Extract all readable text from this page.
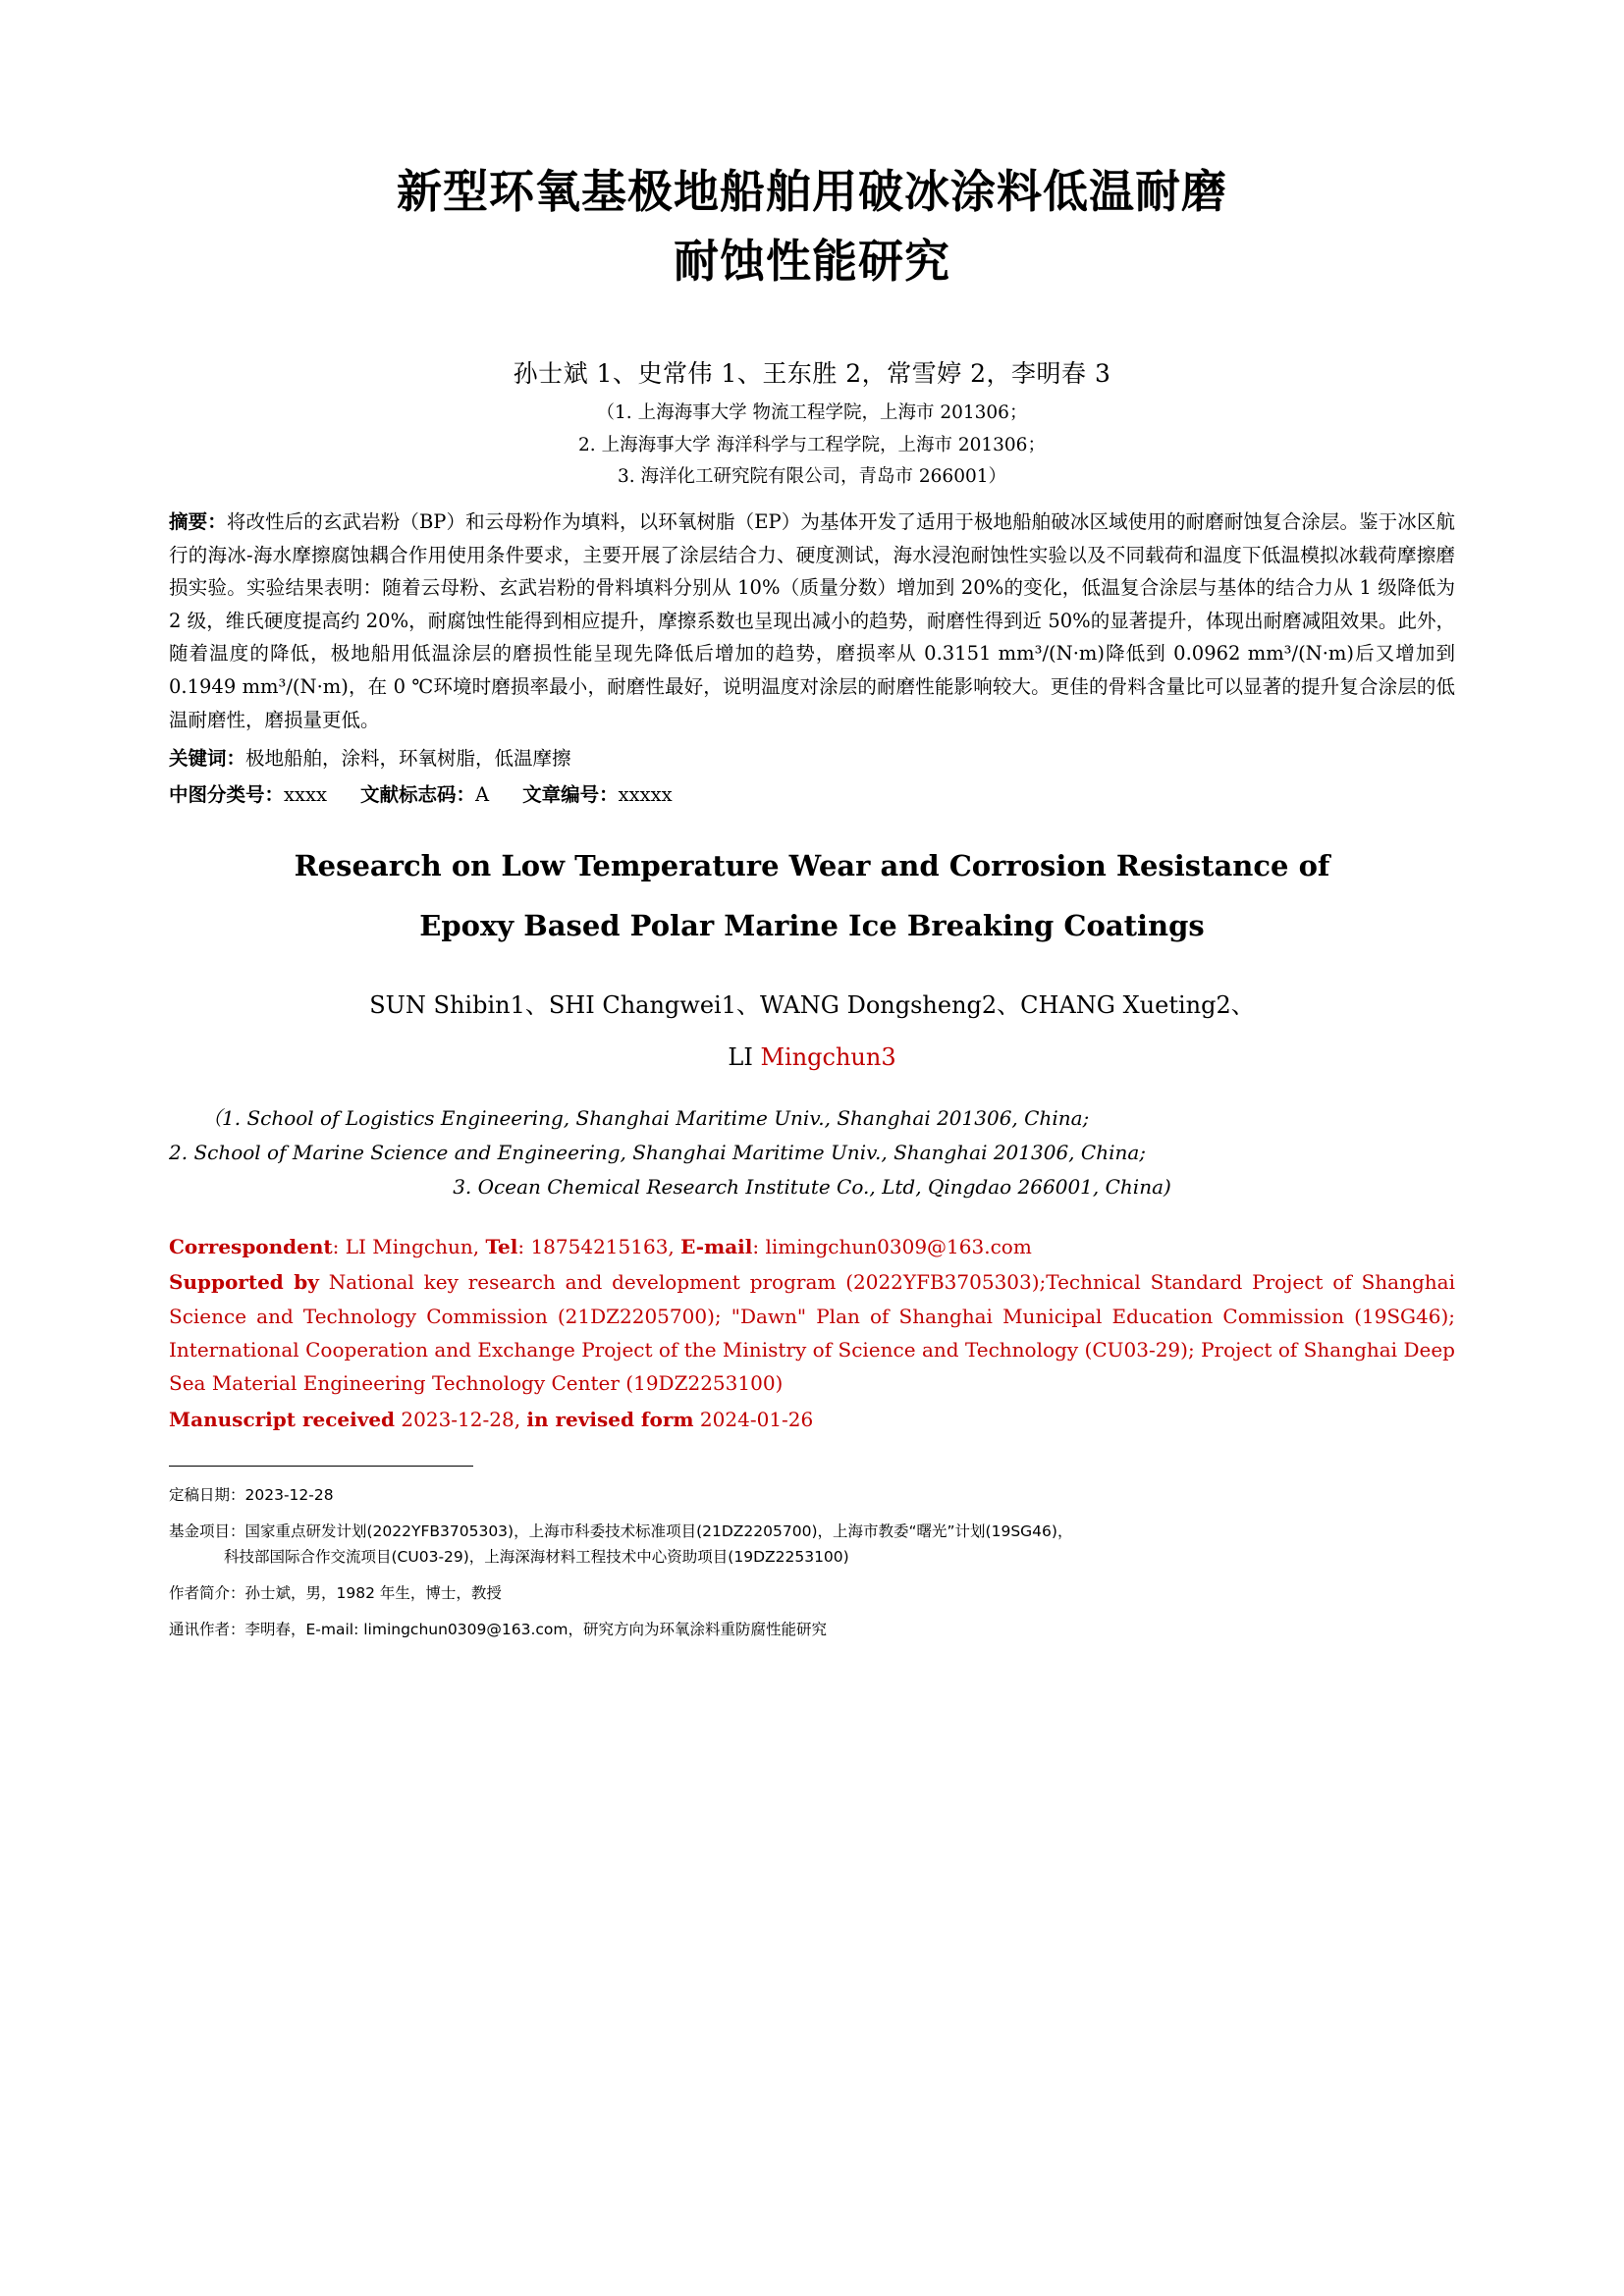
新型环氧基极地船舶用破冰涂料低温耐磨
耐蚀性能研究
孙士斌 1、史常伟 1、王东胜 2，常雪婷 2，李明春 3
（1. 上海海事大学 物流工程学院，上海市 201306；
2. 上海海事大学 海洋科学与工程学院，上海市 201306；
3. 海洋化工研究院有限公司，青岛市 266001）
摘要：将改性后的玄武岩粉（BP）和云母粉作为填料，以环氧树脂（EP）为基体开发了适用于极地船舶破冰区域使用的耐磨耐蚀复合涂层。鉴于冰区航行的海冰-海水摩擦腐蚀耦合作用使用条件要求，主要开展了涂层结合力、硬度测试，海水浸泡耐蚀性实验以及不同载荷和温度下低温模拟冰载荷摩擦磨损实验。实验结果表明：随着云母粉、玄武岩粉的骨料填料分别从 10%（质量分数）增加到 20%的变化，低温复合涂层与基体的结合力从 1 级降低为 2 级，维氏硬度提高约 20%，耐腐蚀性能得到相应提升，摩擦系数也呈现出减小的趋势，耐磨性得到近 50%的显著提升，体现出耐磨减阻效果。此外，随着温度的降低，极地船用低温涂层的磨损性能呈现先降低后增加的趋势，磨损率从 0.3151 mm³/(N·m)降低到 0.0962 mm³/(N·m)后又增加到 0.1949 mm³/(N·m)，在 0 ℃环境时磨损率最小，耐磨性最好，说明温度对涂层的耐磨性能影响较大。更佳的骨料含量比可以显著的提升复合涂层的低温耐磨性，磨损量更低。
关键词：极地船舶，涂料，环氧树脂，低温摩擦
中图分类号：xxxx 文献标志码：A 文章编号：xxxxx
Research on Low Temperature Wear and Corrosion Resistance of
Epoxy Based Polar Marine Ice Breaking Coatings
SUN Shibin1、SHI Changwei1、WANG Dongsheng2、CHANG Xueting2、
LI Mingchun3
（1. School of Logistics Engineering, Shanghai Maritime Univ., Shanghai 201306, China;
2. School of Marine Science and Engineering, Shanghai Maritime Univ., Shanghai 201306, China;
3. Ocean Chemical Research Institute Co., Ltd, Qingdao 266001, China)

Correspondent: LI Mingchun, Tel: 18754215163, E-mail: limingchun0309@163.com

Supported by National key research and development program (2022YFB3705303);Technical Standard Project of Shanghai Science and Technology Commission (21DZ2205700); "Dawn" Plan of Shanghai Municipal Education Commission (19SG46); International Cooperation and Exchange Project of the Ministry of Science and Technology (CU03-29); Project of Shanghai Deep Sea Material Engineering Technology Center (19DZ2253100)

Manuscript received 2023-12-28, in revised form 2024-01-26

定稿日期：2023-12-28

基金项目：国家重点研发计划(2022YFB3705303)，上海市科委技术标准项目(21DZ2205700)，上海市教委“曙光”计划(19SG46)，
科技部国际合作交流项目(CU03-29)，上海深海材料工程技术中心资助项目(19DZ2253100)

作者简介：孙士斌，男，1982 年生，博士，教授

通讯作者：李明春，E-mail: limingchun0309@163.com，研究方向为环氧涂料重防腐性能研究
